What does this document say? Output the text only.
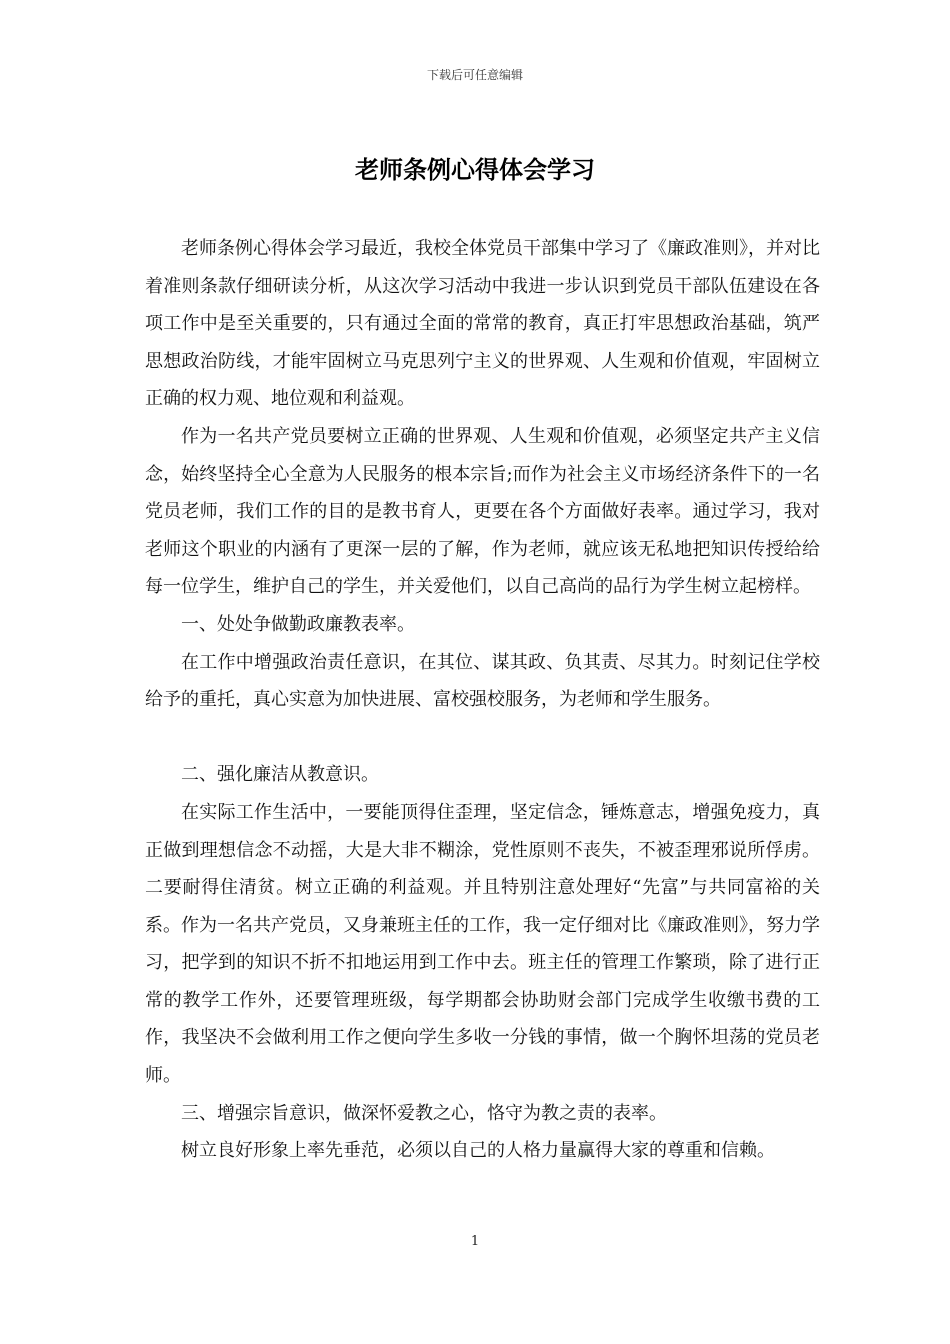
下载后可任意编辑
老师条例心得体会学习

老师条例心得体会学习最近，我校全体党员干部集中学习了《廉政准则》，并对比着准则条款仔细研读分析，从这次学习活动中我进一步认识到党员干部队伍建设在各项工作中是至关重要的，只有通过全面的常常的教育，真正打牢思想政治基础，筑严思想政治防线，才能牢固树立马克思列宁主义的世界观、人生观和价值观，牢固树立正确的权力观、地位观和利益观。

作为一名共产党员要树立正确的世界观、人生观和价值观，必须坚定共产主义信念，始终坚持全心全意为人民服务的根本宗旨;而作为社会主义市场经济条件下的一名党员老师，我们工作的目的是教书育人，更要在各个方面做好表率。通过学习，我对老师这个职业的内涵有了更深一层的了解，作为老师，就应该无私地把知识传授给给每一位学生，维护自己的学生，并关爱他们，以自己高尚的品行为学生树立起榜样。

一、处处争做勤政廉教表率。

在工作中增强政治责任意识，在其位、谋其政、负其责、尽其力。时刻记住学校给予的重托，真心实意为加快进展、富校强校服务，为老师和学生服务。

二、强化廉洁从教意识。

在实际工作生活中，一要能顶得住歪理，坚定信念，锤炼意志，增强免疫力，真正做到理想信念不动摇，大是大非不糊涂，党性原则不丧失，不被歪理邪说所俘虏。二要耐得住清贫。树立正确的利益观。并且特别注意处理好“先富”与共同富裕的关系。作为一名共产党员，又身兼班主任的工作，我一定仔细对比《廉政准则》，努力学习，把学到的知识不折不扣地运用到工作中去。班主任的管理工作繁琐，除了进行正常的教学工作外，还要管理班级，每学期都会协助财会部门完成学生收缴书费的工作，我坚决不会做利用工作之便向学生多收一分钱的事情，做一个胸怀坦荡的党员老师。

三、增强宗旨意识，做深怀爱教之心，恪守为教之责的表率。

树立良好形象上率先垂范，必须以自己的人格力量赢得大家的尊重和信赖。

1
